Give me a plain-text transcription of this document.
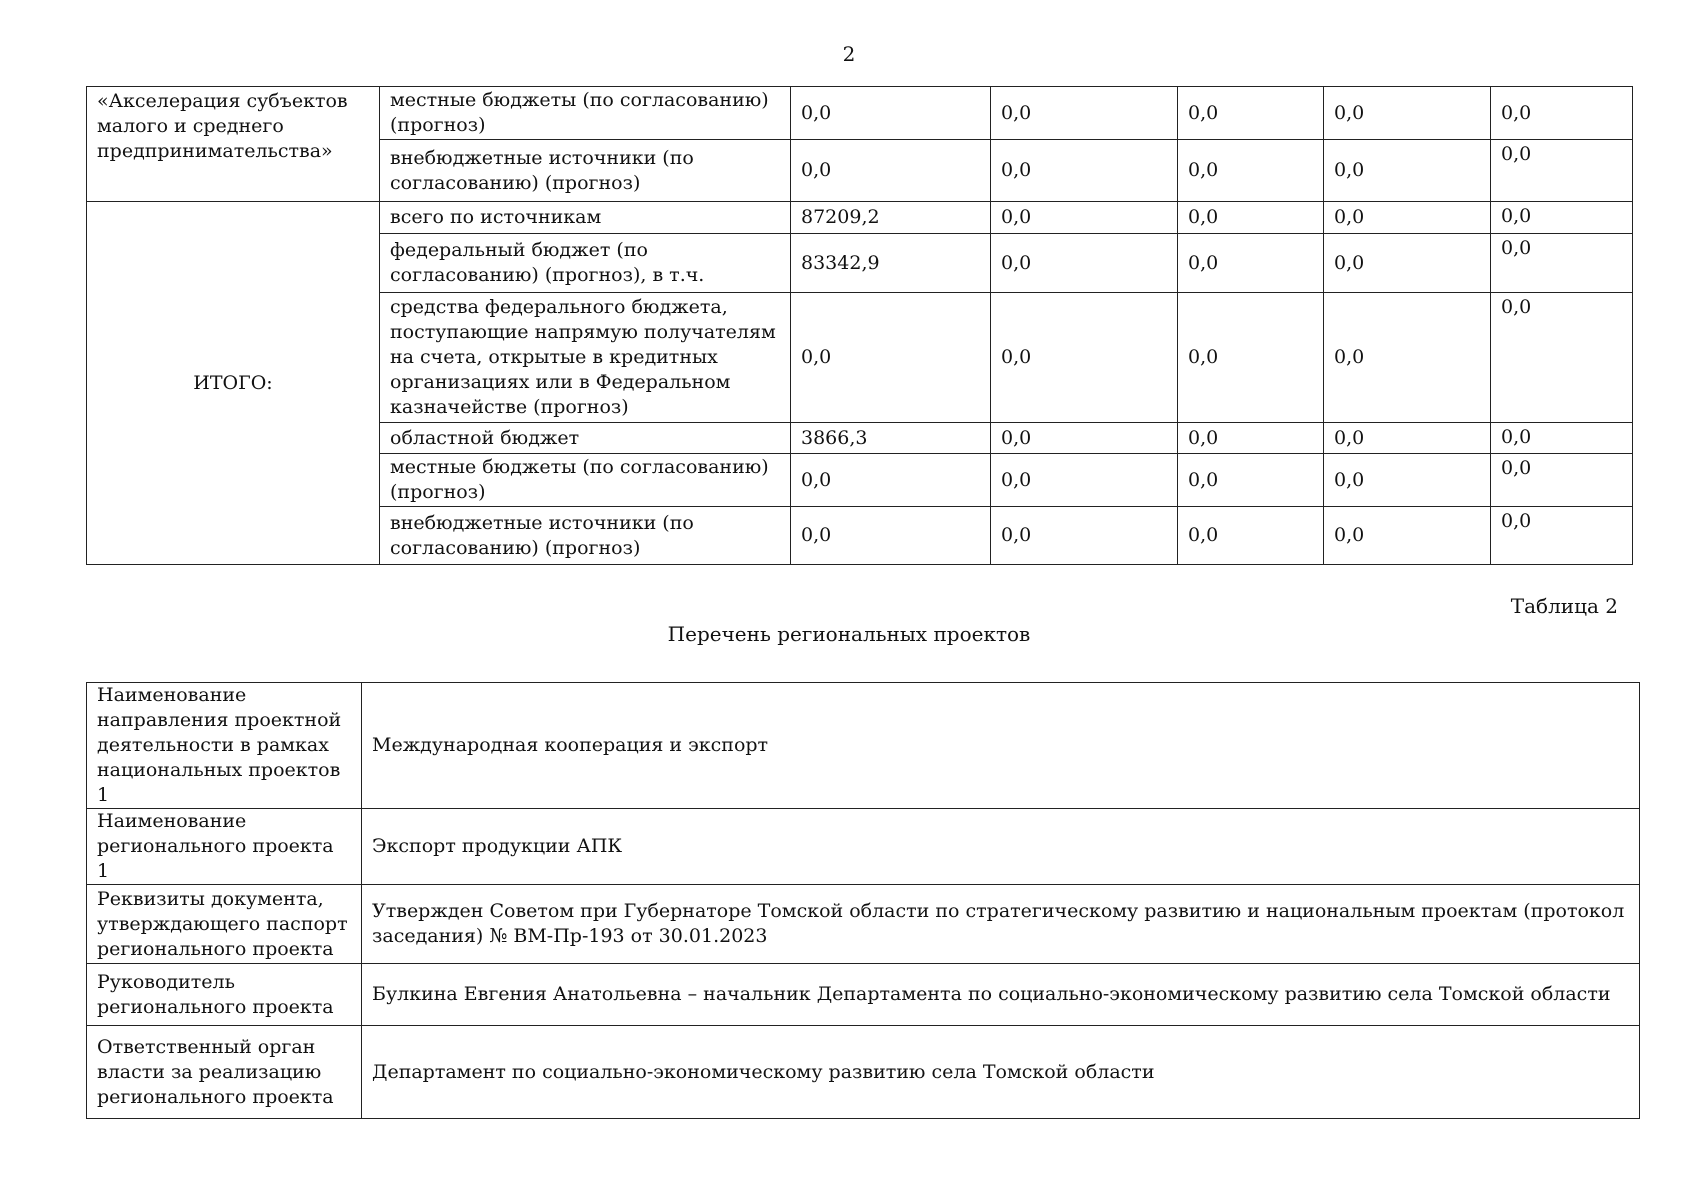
2
«Акселерация субъектов малого и среднего предпринимательства»	местные бюджеты (по согласованию) (прогноз)	0,0	0,0	0,0	0,0	0,0
	внебюджетные источники (по согласованию) (прогноз)	0,0	0,0	0,0	0,0	0,0
ИТОГО:	всего по источникам	87209,2	0,0	0,0	0,0	0,0
	федеральный бюджет (по согласованию) (прогноз), в т.ч.	83342,9	0,0	0,0	0,0	0,0
	средства федерального бюджета, поступающие напрямую получателям на счета, открытые в кредитных организациях или в Федеральном казначействе (прогноз)	0,0	0,0	0,0	0,0	0,0
	областной бюджет	3866,3	0,0	0,0	0,0	0,0
	местные бюджеты (по согласованию) (прогноз)	0,0	0,0	0,0	0,0	0,0
	внебюджетные источники (по согласованию) (прогноз)	0,0	0,0	0,0	0,0	0,0
Таблица 2
Перечень региональных проектов
Наименование направления проектной деятельности в рамках национальных проектов 1	Международная кооперация и экспорт
Наименование регионального проекта 1	Экспорт продукции АПК
Реквизиты документа, утверждающего паспорт регионального проекта	Утвержден Советом при Губернаторе Томской области по стратегическому развитию и национальным проектам (протокол заседания) № ВМ-Пр-193 от 30.01.2023
Руководитель регионального проекта	Булкина Евгения Анатольевна – начальник Департамента по социально-экономическому развитию села Томской области
Ответственный орган власти за реализацию регионального проекта	Департамент по социально-экономическому развитию села Томской области
